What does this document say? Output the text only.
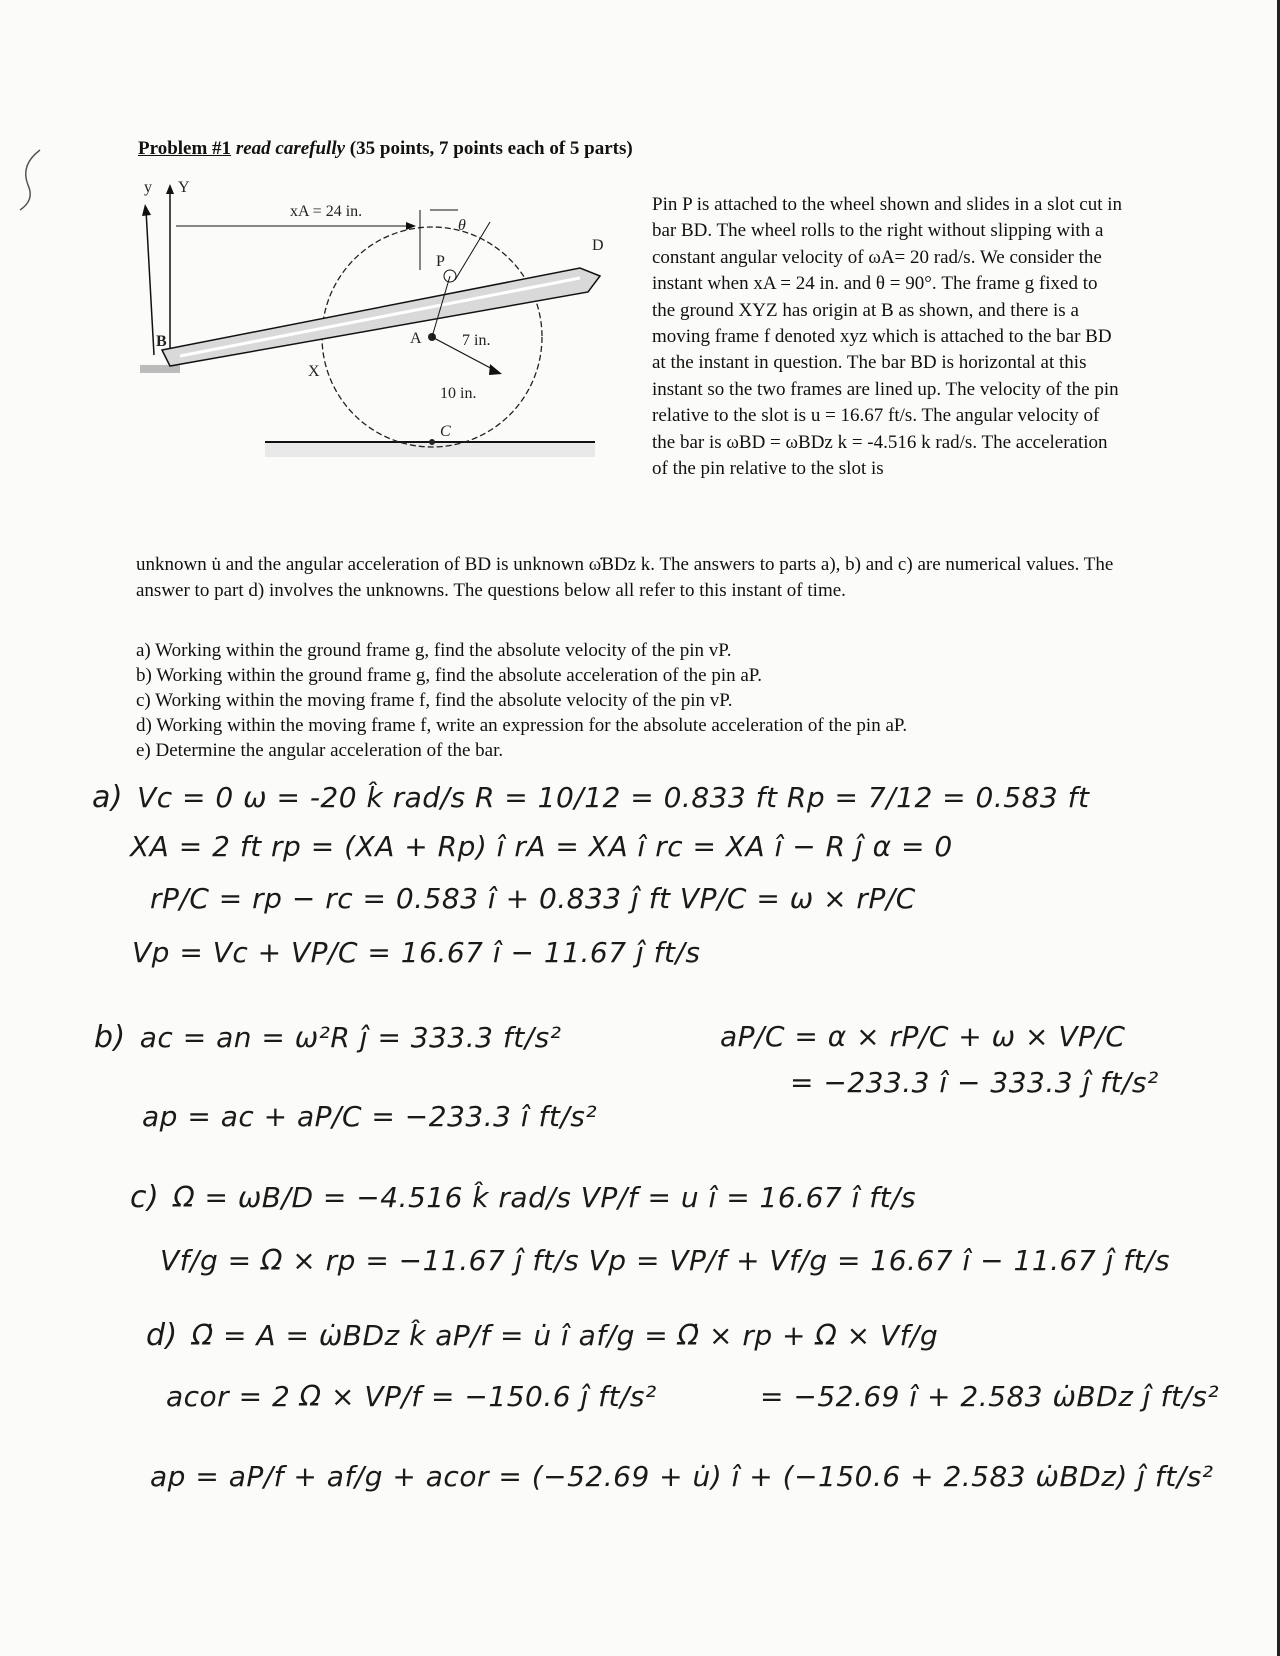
Problem #1 read carefully (35 points, 7 points each of 5 parts)
y Y
xA = 24 in.
θ
D
P
B
X
A	7 in.
10 in.
C
Pin P is attached to the wheel shown and slides in a slot cut in bar BD. The wheel rolls to the right without slipping with a constant angular velocity of ωA= 20 rad/s. We consider the instant when xA = 24 in. and θ = 90°. The frame g fixed to the ground XYZ has origin at B as shown, and there is a moving frame f denoted xyz which is attached to the bar BD at the instant in question. The bar BD is horizontal at this instant so the two frames are lined up. The velocity of the pin relative to the slot is u = 16.67 ft/s. The angular velocity of the bar is ωBD = ωBDz k = -4.516 k rad/s. The acceleration of the pin relative to the slot is
unknown u̇ and the angular acceleration of BD is unknown ω̇BDz k. The answers to parts a), b) and c) are numerical values. The answer to part d) involves the unknowns. The questions below all refer to this instant of time.
a) Working within the ground frame g, find the absolute velocity of the pin vP.
b) Working within the ground frame g, find the absolute acceleration of the pin aP.
c) Working within the moving frame f, find the absolute velocity of the pin vP.
d) Working within the moving frame f, write an expression for the absolute acceleration of the pin aP.
e) Determine the angular acceleration of the bar.
a) Vc = 0 ω = -20 k̂ rad/s R = 10/12 = 0.833 ft Rp = 7/12 = 0.583 ft
XA = 2 ft rp = (XA + Rp) î rA = XA î rc = XA î − R ĵ α = 0
rP/C = rp − rc = 0.583 î + 0.833 ĵ ft VP/C = ω × rP/C
Vp = Vc + VP/C = 16.67 î − 11.67 ĵ ft/s
b) ac = an = ω²R ĵ = 333.3 ft/s²	aP/C = α × rP/C + ω × VP/C
= −233.3 î − 333.3 ĵ ft/s²
ap = ac + aP/C = −233.3 î ft/s²
c) Ω = ωB/D = −4.516 k̂ rad/s VP/f = u î = 16.67 î ft/s
Vf/g = Ω × rp = −11.67 ĵ ft/s Vp = VP/f + Vf/g = 16.67 î − 11.67 ĵ ft/s
d) Ω̇ = A = ω̇BDz k̂ aP/f = u̇ î af/g = Ω̇ × rp + Ω × Vf/g
acor = 2 Ω × VP/f = −150.6 ĵ ft/s²	= −52.69 î + 2.583 ω̇BDz ĵ ft/s²
ap = aP/f + af/g + acor = (−52.69 + u̇) î + (−150.6 + 2.583 ω̇BDz) ĵ ft/s²
